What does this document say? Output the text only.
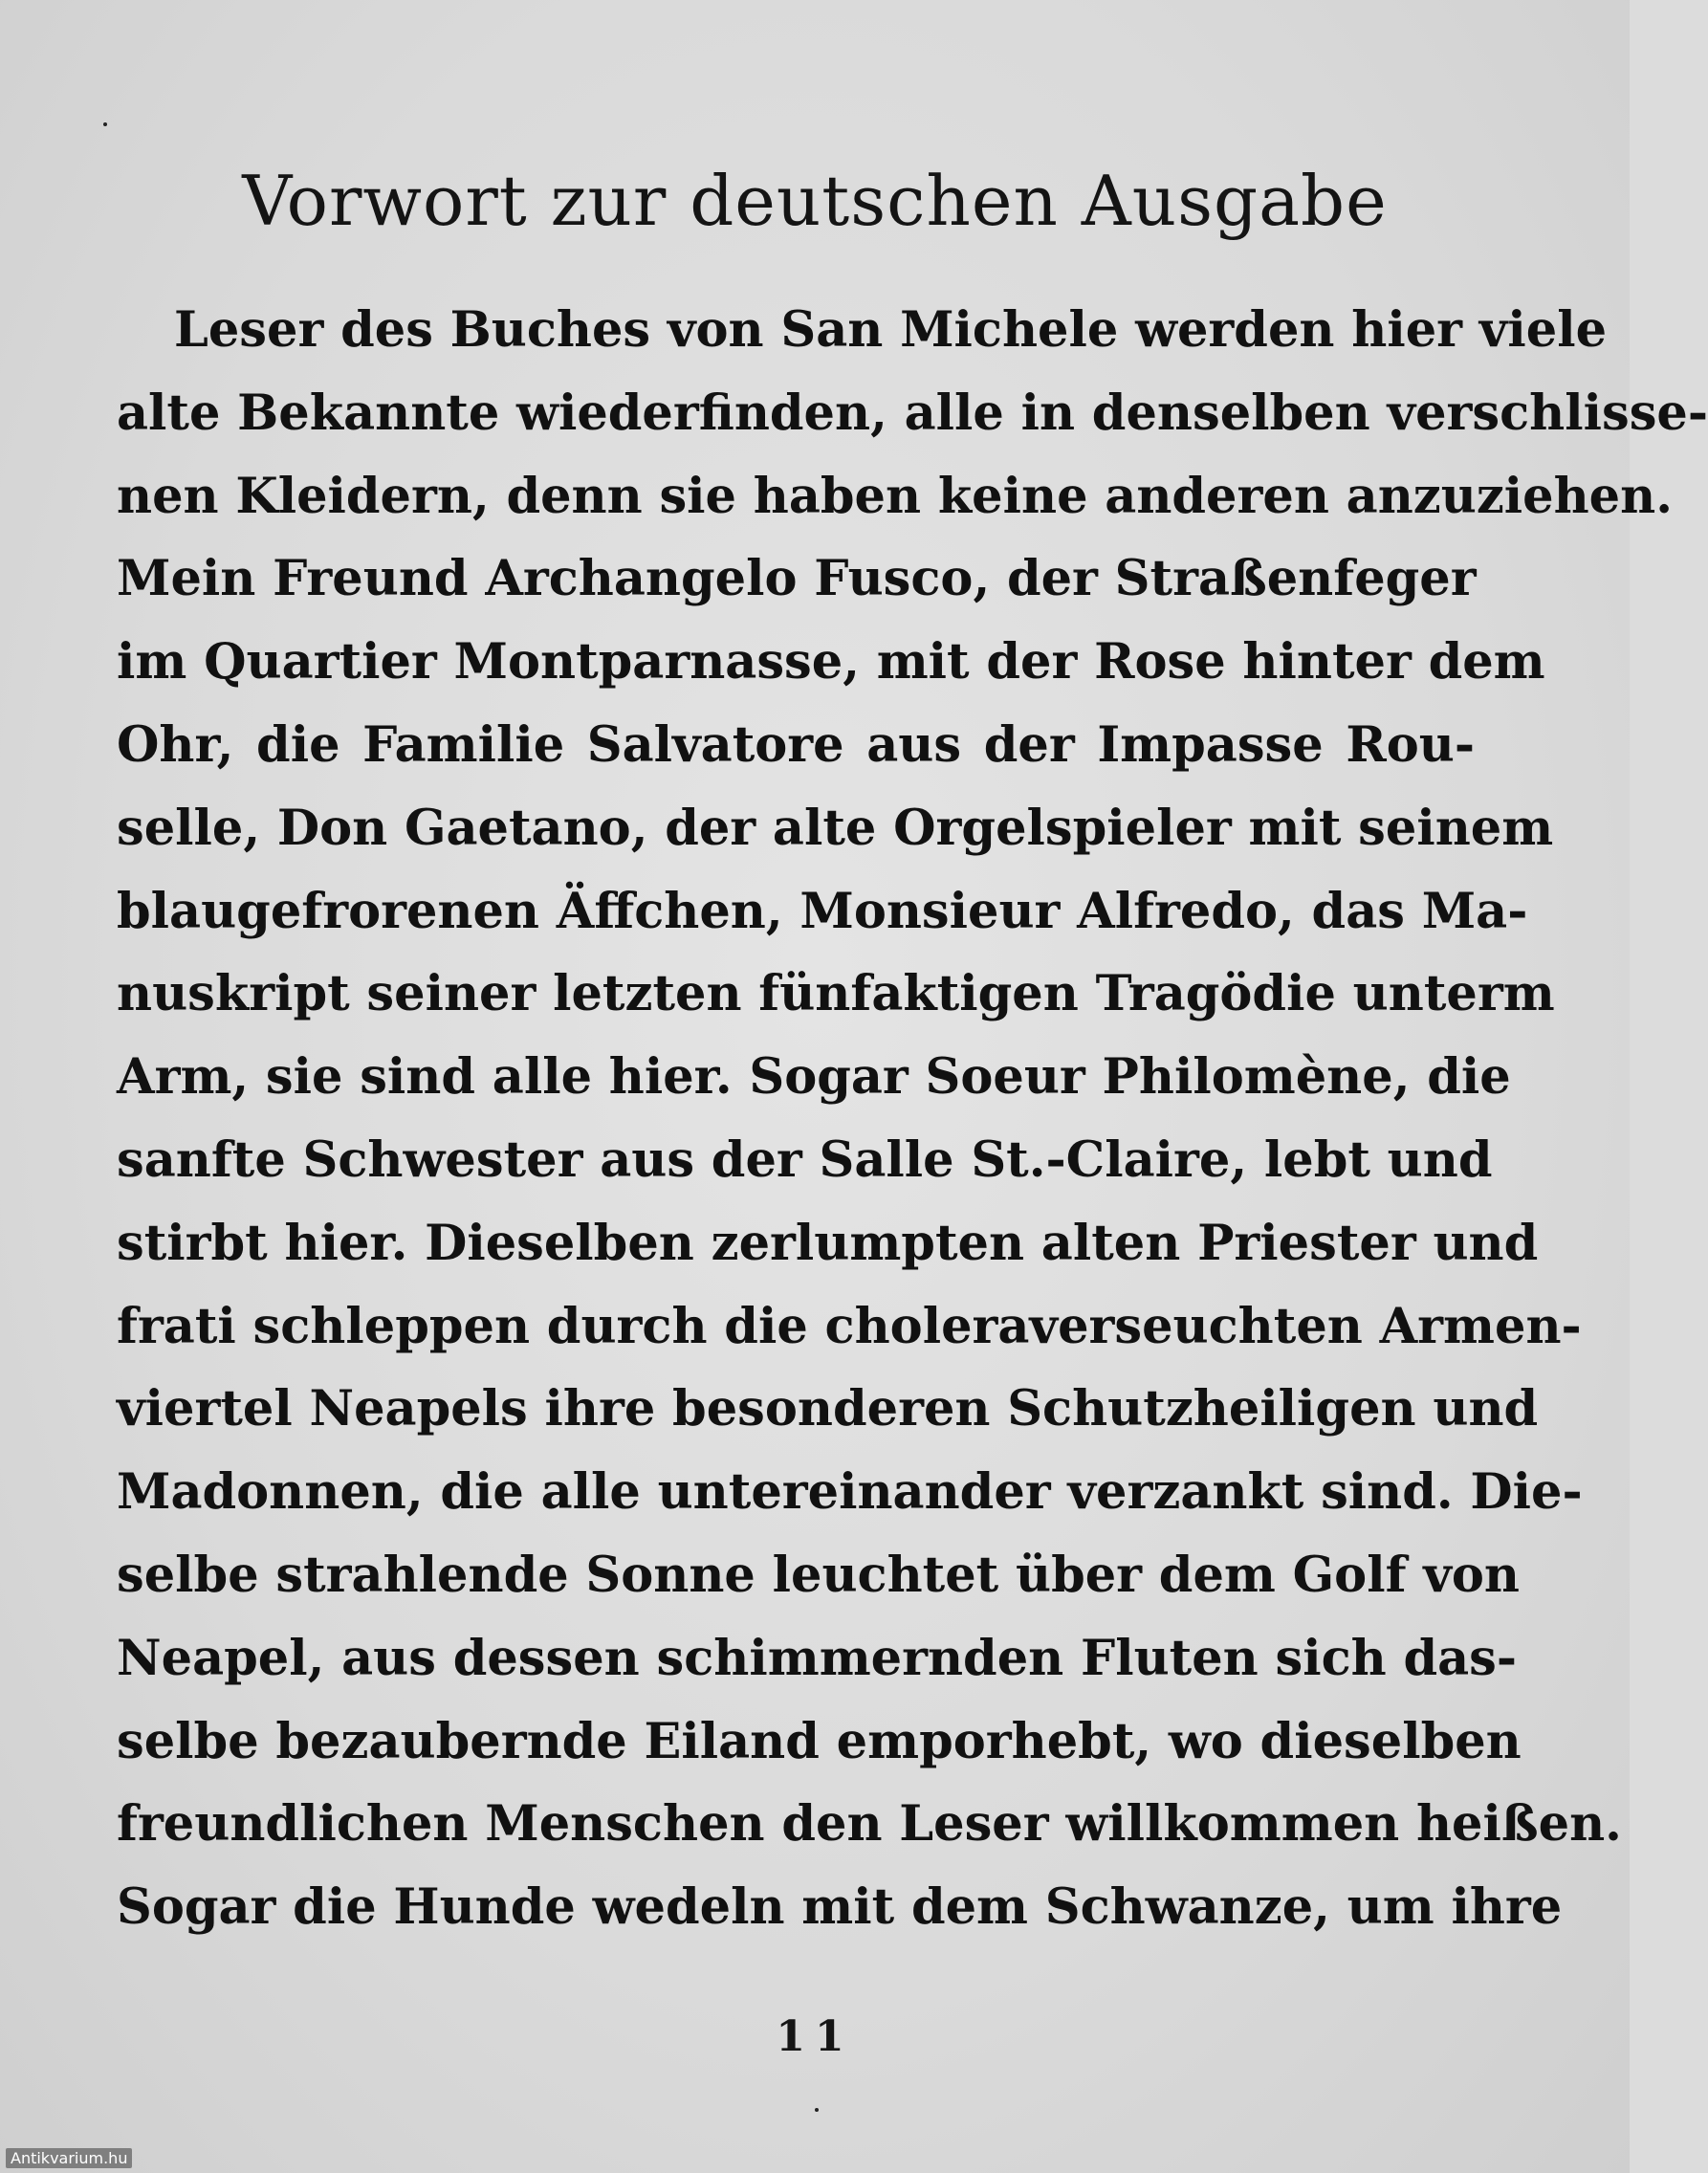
Vorwort zur deutschen Ausgabe
Leser des Buches von San Michele werden hier viele
alte Bekannte wiederfinden, alle in denselben verschlisse-
nen Kleidern, denn sie haben keine anderen anzuziehen.
Mein Freund Archangelo Fusco, der Straßenfeger
im Quartier Montparnasse, mit der Rose hinter dem
Ohr, die Familie Salvatore aus der Impasse Rou-
selle, Don Gaetano, der alte Orgelspieler mit seinem
blaugefrorenen Äffchen, Monsieur Alfredo, das Ma-
nuskript seiner letzten fünfaktigen Tragödie unterm
Arm, sie sind alle hier. Sogar Soeur Philomène, die
sanfte Schwester aus der Salle St.-Claire, lebt und
stirbt hier. Dieselben zerlumpten alten Priester und
frati schleppen durch die choleraverseuchten Armen-
viertel Neapels ihre besonderen Schutzheiligen und
Madonnen, die alle untereinander verzankt sind. Die-
selbe strahlende Sonne leuchtet über dem Golf von
Neapel, aus dessen schimmernden Fluten sich das-
selbe bezaubernde Eiland emporhebt, wo dieselben
freundlichen Menschen den Leser willkommen heißen.
Sogar die Hunde wedeln mit dem Schwanze, um ihre
11
Antikvarium.hu
